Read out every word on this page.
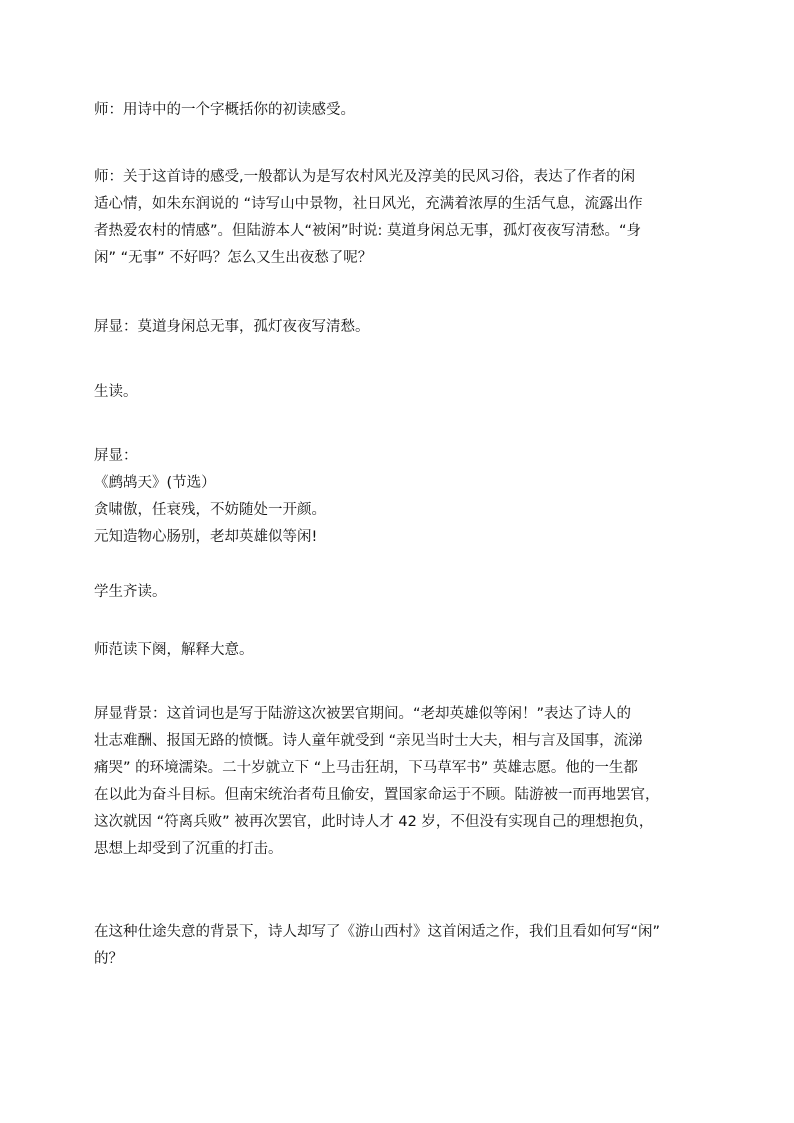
师：用诗中的一个字概括你的初读感受。
师：关于这首诗的感受,一般都认为是写农村风光及淳美的民风习俗，表达了作者的闲
适心情，如朱东润说的 “诗写山中景物，社日风光，充满着浓厚的生活气息，流露出作
者热爱农村的情感”。但陆游本人“被闲”时说: 莫道身闲总无事，孤灯夜夜写清愁。“身
闲” “无事” 不好吗？怎么又生出夜愁了呢？
屏显：莫道身闲总无事，孤灯夜夜写清愁。
生读。
屏显：
《鹧鸪天》(节选）
贪啸傲，任衰残，不妨随处一开颜。
元知造物心肠别，老却英雄似等闲!
学生齐读。
师范读下阕，解释大意。
屏显背景：这首词也是写于陆游这次被罢官期间。“老却英雄似等闲！”表达了诗人的
壮志难酬、报国无路的愤慨。诗人童年就受到 “亲见当时士大夫，相与言及国事，流涕
痛哭” 的环境濡染。二十岁就立下 “上马击狂胡，下马草军书” 英雄志愿。他的一生都
在以此为奋斗目标。但南宋统治者苟且偷安，置国家命运于不顾。陆游被一而再地罢官，
这次就因 “符离兵败” 被再次罢官，此时诗人才 42 岁，不但没有实现自己的理想抱负，
思想上却受到了沉重的打击。
在这种仕途失意的背景下，诗人却写了《游山西村》这首闲适之作，我们且看如何写“闲”
的？
